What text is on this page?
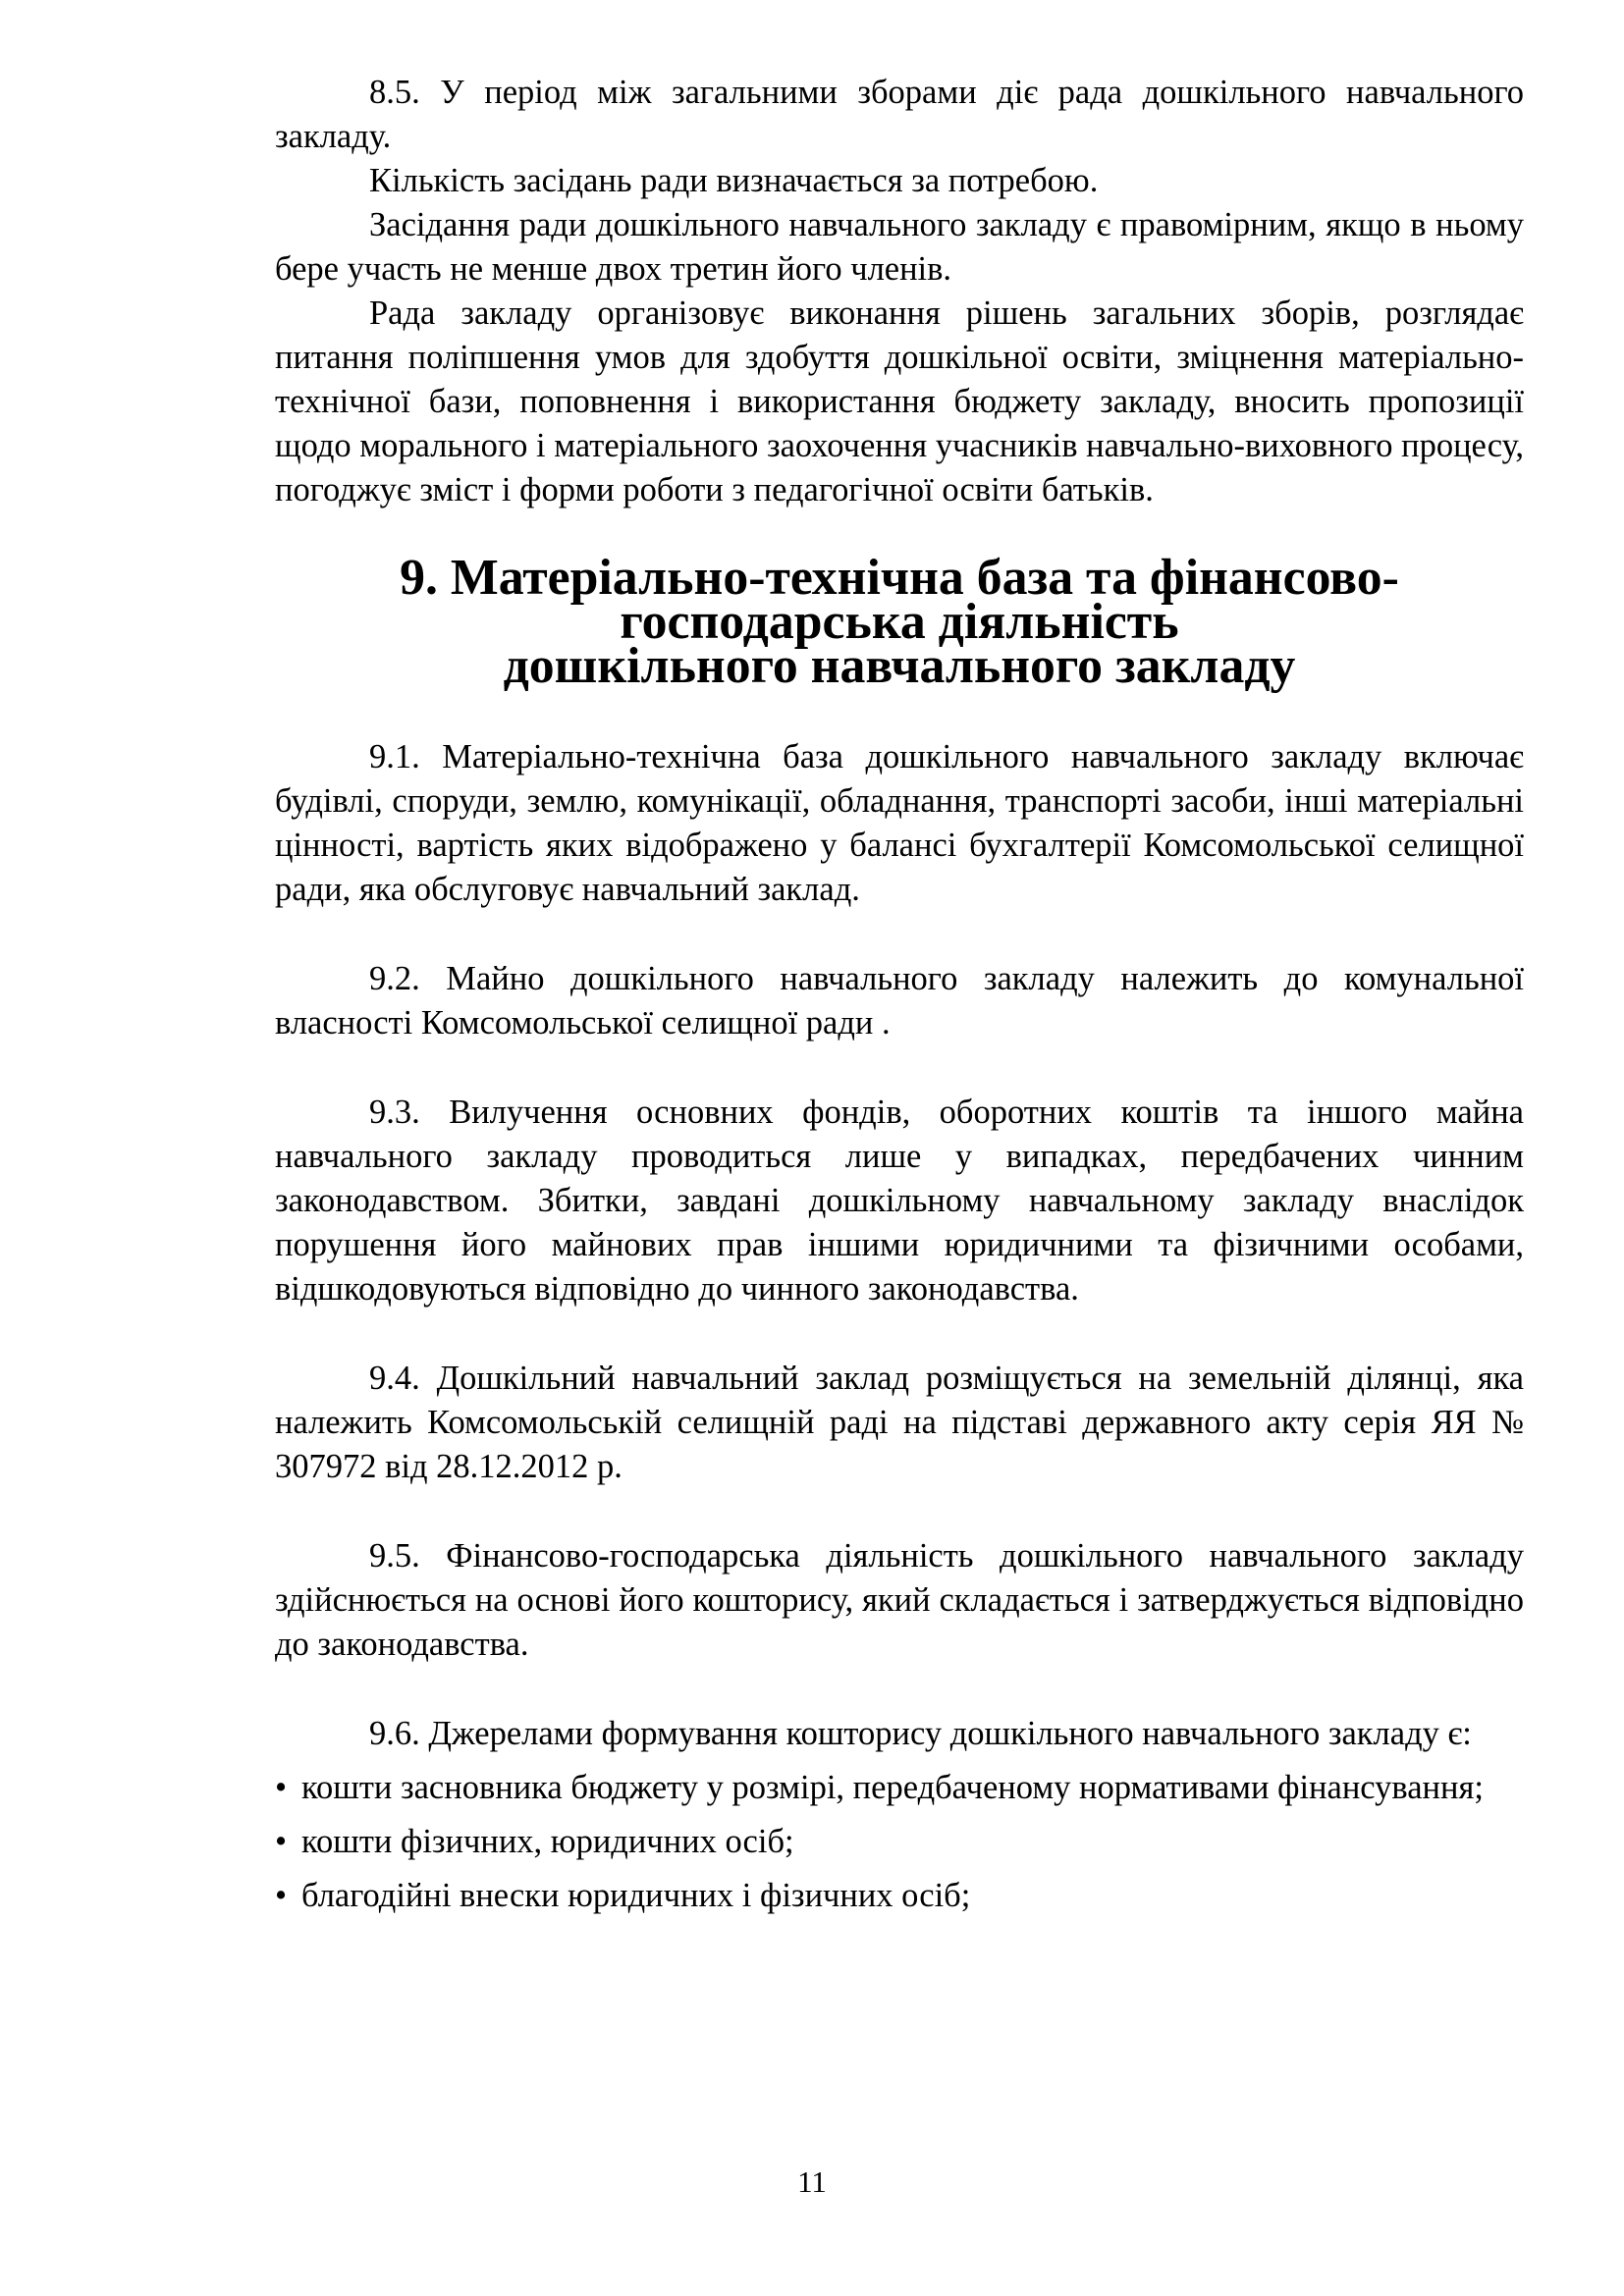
8.5. У період між загальними зборами діє рада дошкільного навчального закладу.

Кількість засідань ради визначається за потребою.

Засідання ради дошкільного навчального закладу є правомірним, якщо в ньому бере участь не менше двох третин його членів.

Рада закладу організовує виконання рішень загальних зборів, розглядає питання поліпшення умов для здобуття дошкільної освіти, зміцнення матеріально-технічної бази, поповнення і використання бюджету закладу, вносить пропозиції щодо морального і матеріального заохочення учасників навчально-виховного процесу, погоджує зміст і форми роботи з педагогічної освіти батьків.

9. Матеріально-технічна база та фінансово-господарська діяльність
дошкільного навчального закладу

9.1. Матеріально-технічна база дошкільного навчального закладу включає будівлі, споруди, землю, комунікації, обладнання, транспорті засоби, інші матеріальні цінності, вартість яких відображено у балансі бухгалтерії Комсомольської селищної ради, яка обслуговує навчальний заклад.

9.2. Майно дошкільного навчального закладу належить до комунальної власності Комсомольської селищної ради .

9.3. Вилучення основних фондів, оборотних коштів та іншого майна навчального закладу проводиться лише у випадках, передбачених чинним законодавством. Збитки, завдані дошкільному навчальному закладу внаслідок порушення його майнових прав іншими юридичними та фізичними особами, відшкодовуються відповідно до чинного законодавства.

9.4. Дошкільний навчальний заклад розміщується на земельній ділянці, яка належить Комсомольській селищній раді на підставі державного акту серія ЯЯ № 307972 від 28.12.2012 р.

9.5. Фінансово-господарська діяльність дошкільного навчального закладу здійснюється на основі його кошторису, який складається і затверджується відповідно до законодавства.

9.6. Джерелами формування кошторису дошкільного навчального закладу є:

• кошти засновника бюджету у розмірі, передбаченому нормативами фінансування;

• кошти фізичних, юридичних осіб;

• благодійні внески юридичних і фізичних осіб;

11
